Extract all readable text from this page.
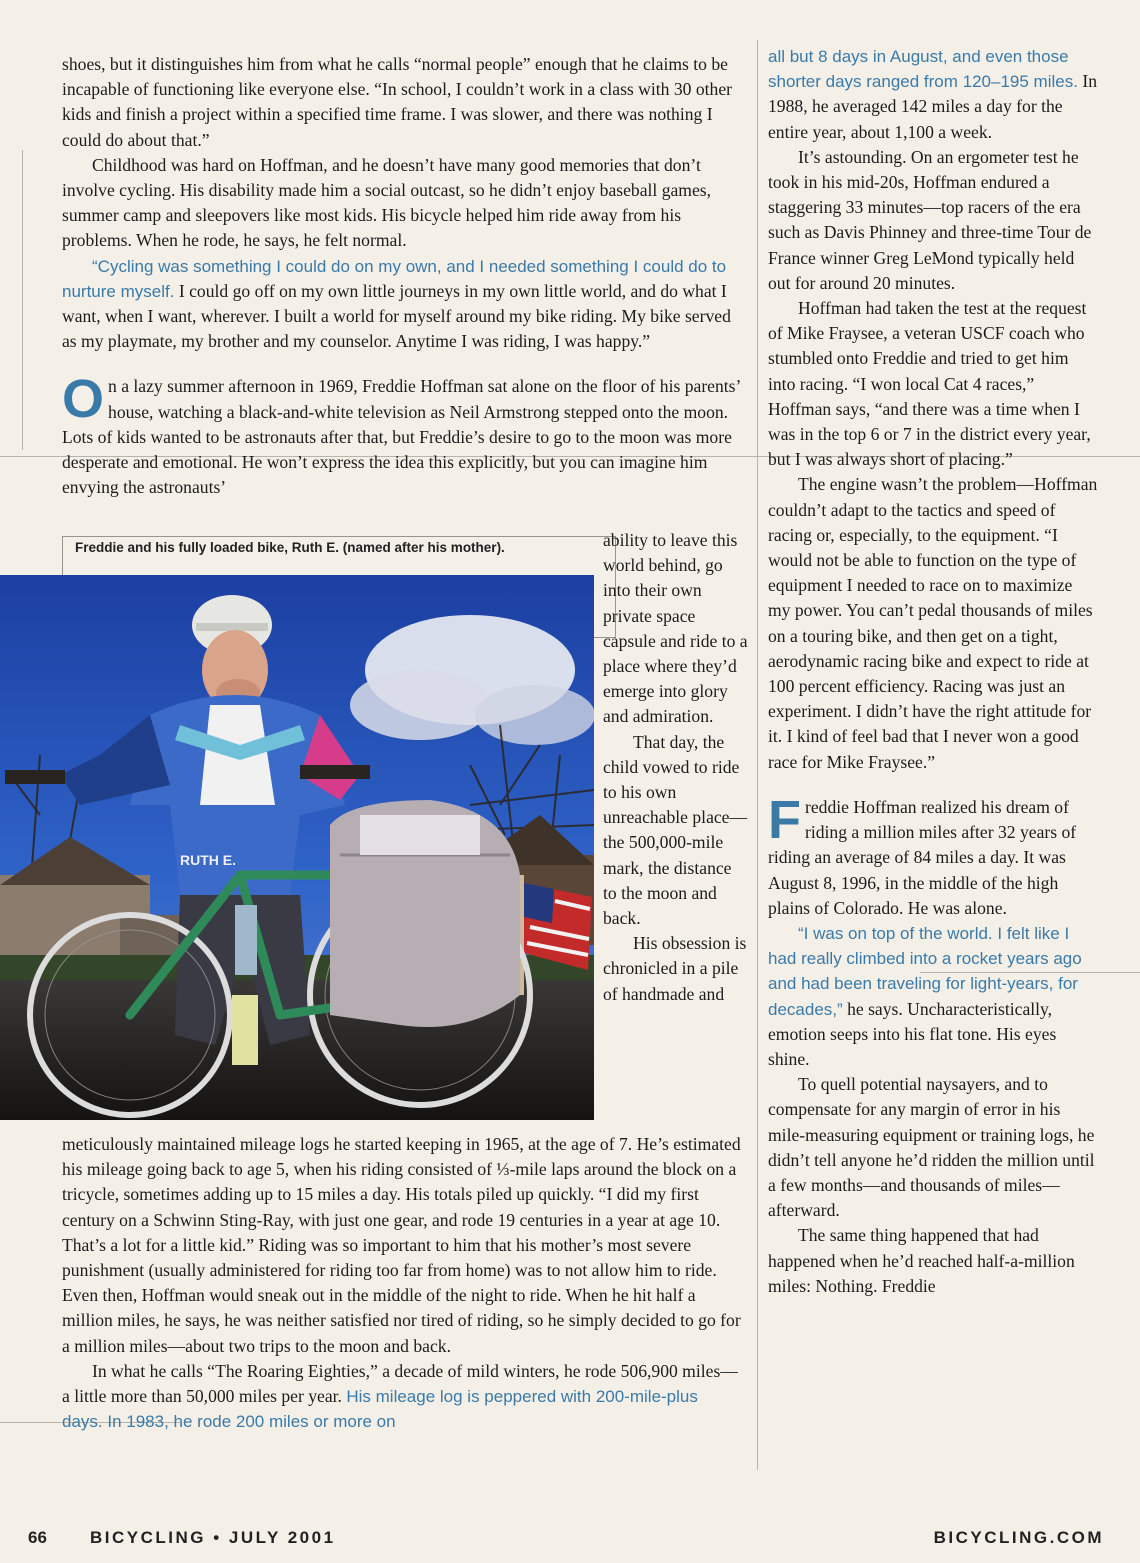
shoes, but it distinguishes him from what he calls “normal people” enough that he claims to be incapable of functioning like everyone else. “In school, I couldn’t work in a class with 30 other kids and finish a project within a specified time frame. I was slower, and there was nothing I could do about that.”

Childhood was hard on Hoffman, and he doesn’t have many good memories that don’t involve cycling. His disability made him a social outcast, so he didn’t enjoy baseball games, summer camp and sleepovers like most kids. His bicycle helped him ride away from his problems. When he rode, he says, he felt normal.

“Cycling was something I could do on my own, and I needed something I could do to nurture myself. I could go off on my own little journeys in my own little world, and do what I want, when I want, wherever. I built a world for myself around my bike riding. My bike served as my playmate, my brother and my counselor. Anytime I was riding, I was happy.”

On a lazy summer afternoon in 1969, Freddie Hoffman sat alone on the floor of his parents’ house, watching a black-and-white television as Neil Armstrong stepped onto the moon. Lots of kids wanted to be astronauts after that, but Freddie’s desire to go to the moon was more desperate and emotional. He won’t express the idea this explicitly, but you can imagine him envying the astronauts’

Freddie and his fully loaded bike, Ruth E. (named after his mother).
RUTH E.

ability to leave this world behind, go into their own private space capsule and ride to a place where they’d emerge into glory and admiration.

That day, the child vowed to ride to his own unreachable place—the 500,000-mile mark, the distance to the moon and back.

His obsession is chronicled in a pile of handmade and

meticulously maintained mileage logs he started keeping in 1965, at the age of 7. He’s estimated his mileage going back to age 5, when his riding consisted of ⅓-mile laps around the block on a tricycle, sometimes adding up to 15 miles a day. His totals piled up quickly. “I did my first century on a Schwinn Sting-Ray, with just one gear, and rode 19 centuries in a year at age 10. That’s a lot for a little kid.” Riding was so important to him that his mother’s most severe punishment (usually administered for riding too far from home) was to not allow him to ride. Even then, Hoffman would sneak out in the middle of the night to ride. When he hit half a million miles, he says, he was neither satisfied nor tired of riding, so he simply decided to go for a million miles—about two trips to the moon and back.

In what he calls “The Roaring Eighties,” a decade of mild winters, he rode 506,900 miles—a little more than 50,000 miles per year. His mileage log is peppered with 200-mile-plus days. In 1983, he rode 200 miles or more on

all but 8 days in August, and even those shorter days ranged from 120–195 miles. In 1988, he averaged 142 miles a day for the entire year, about 1,100 a week.

It’s astounding. On an ergometer test he took in his mid-20s, Hoffman endured a staggering 33 minutes—top racers of the era such as Davis Phinney and three-time Tour de France winner Greg LeMond typically held out for around 20 minutes.

Hoffman had taken the test at the request of Mike Fraysee, a veteran USCF coach who stumbled onto Freddie and tried to get him into racing. “I won local Cat 4 races,” Hoffman says, “and there was a time when I was in the top 6 or 7 in the district every year, but I was always short of placing.”

The engine wasn’t the problem—Hoffman couldn’t adapt to the tactics and speed of racing or, especially, to the equipment. “I would not be able to function on the type of equipment I needed to race on to maximize my power. You can’t pedal thousands of miles on a touring bike, and then get on a tight, aerodynamic racing bike and expect to ride at 100 percent efficiency. Racing was just an experiment. I didn’t have the right attitude for it. I kind of feel bad that I never won a good race for Mike Fraysee.”

Freddie Hoffman realized his dream of riding a million miles after 32 years of riding an average of 84 miles a day. It was August 8, 1996, in the middle of the high plains of Colorado. He was alone.

“I was on top of the world. I felt like I had really climbed into a rocket years ago and had been traveling for light-years, for decades,” he says. Uncharacteristically, emotion seeps into his flat tone. His eyes shine.

To quell potential naysayers, and to compensate for any margin of error in his mile-measuring equipment or training logs, he didn’t tell anyone he’d ridden the million until a few months—and thousands of miles—afterward.

The same thing happened that had happened when he’d reached half-a-million miles: Nothing. Freddie

66	BICYCLING • JULY 2001	BICYCLING.COM
